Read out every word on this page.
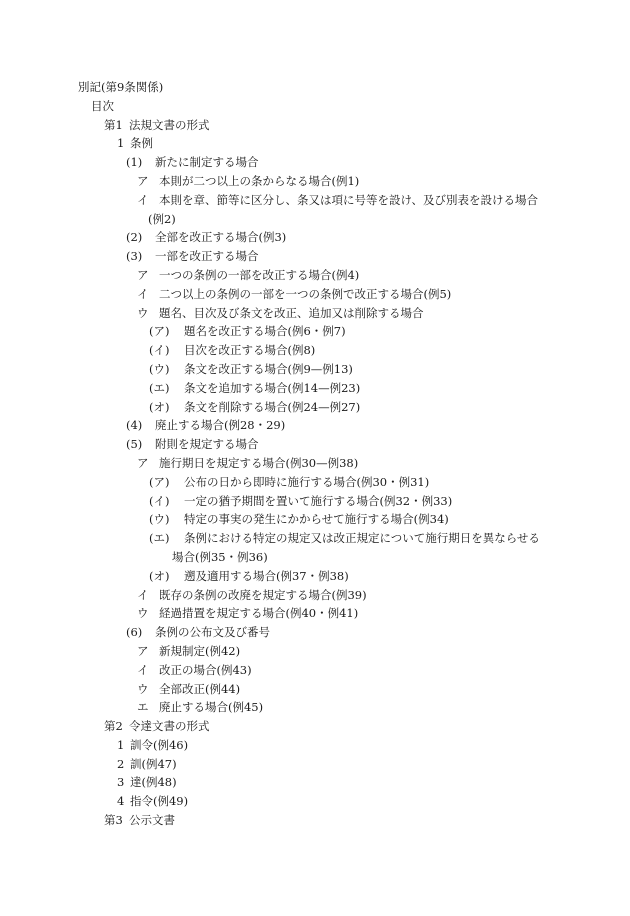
別記(第9条関係)
目次
第1 法規文書の形式
1 条例
(1) 新たに制定する場合
ア 本則が二つ以上の条からなる場合(例1)
イ 本則を章、節等に区分し、条又は項に号等を設け、及び別表を設ける場合
(例2)
(2) 全部を改正する場合(例3)
(3) 一部を改正する場合
ア 一つの条例の一部を改正する場合(例4)
イ 二つ以上の条例の一部を一つの条例で改正する場合(例5)
ウ 題名、目次及び条文を改正、追加又は削除する場合
(ア) 題名を改正する場合(例6・例7)
(イ) 目次を改正する場合(例8)
(ウ) 条文を改正する場合(例9—例13)
(エ) 条文を追加する場合(例14—例23)
(オ) 条文を削除する場合(例24—例27)
(4) 廃止する場合(例28・29)
(5) 附則を規定する場合
ア 施行期日を規定する場合(例30—例38)
(ア) 公布の日から即時に施行する場合(例30・例31)
(イ) 一定の猶予期間を置いて施行する場合(例32・例33)
(ウ) 特定の事実の発生にかからせて施行する場合(例34)
(エ) 条例における特定の規定又は改正規定について施行期日を異ならせる
場合(例35・例36)
(オ) 遡及適用する場合(例37・例38)
イ 既存の条例の改廃を規定する場合(例39)
ウ 経過措置を規定する場合(例40・例41)
(6) 条例の公布文及び番号
ア 新規制定(例42)
イ 改正の場合(例43)
ウ 全部改正(例44)
エ 廃止する場合(例45)
第2 令達文書の形式
1 訓令(例46)
2 訓(例47)
3 達(例48)
4 指令(例49)
第3 公示文書
